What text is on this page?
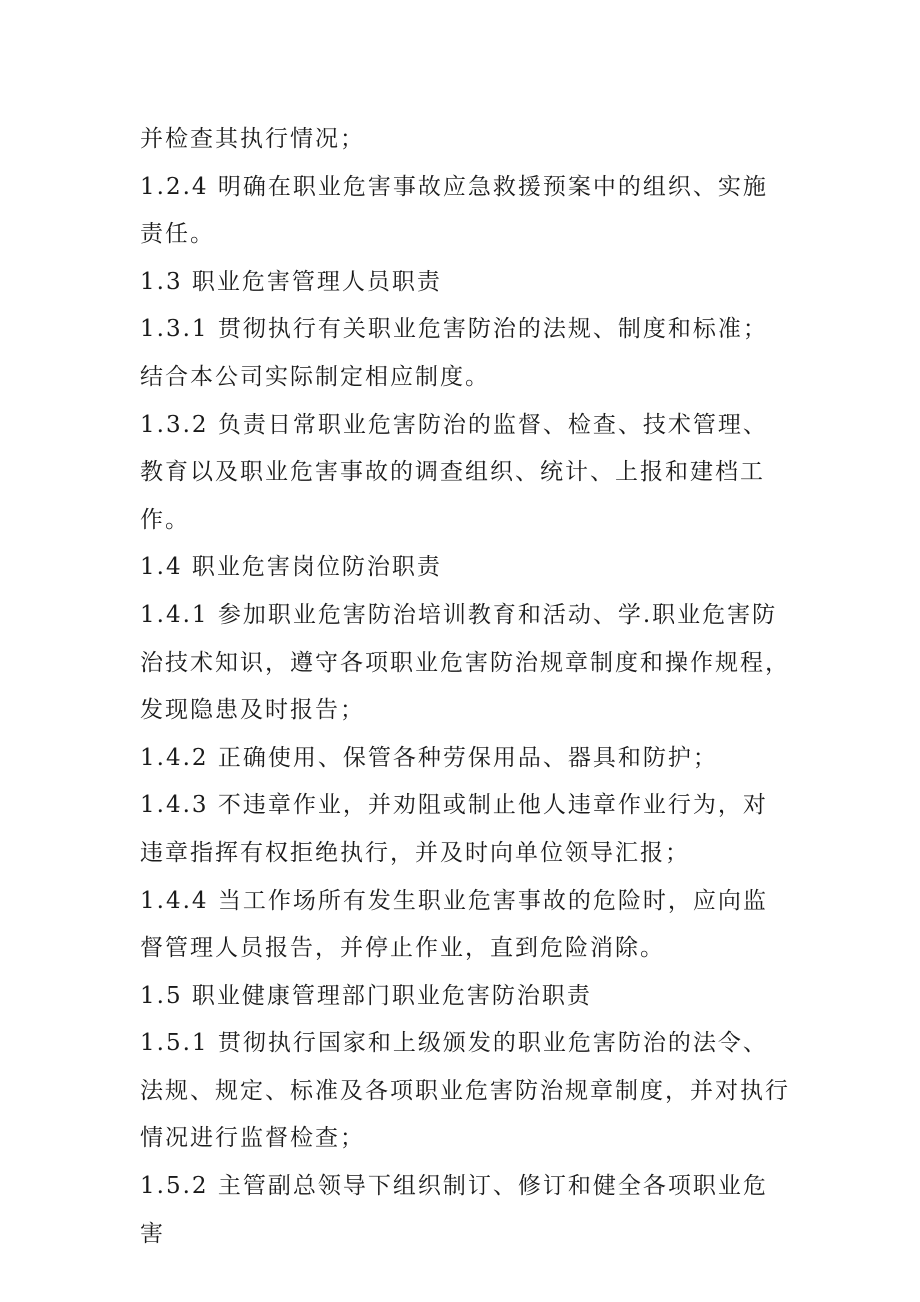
并检查其执行情况；

1.2.4 明确在职业危害事故应急救援预案中的组织、实施责任。

1.3 职业危害管理人员职责

1.3.1 贯彻执行有关职业危害防治的法规、制度和标准；结合本公司实际制定相应制度。

1.3.2 负责日常职业危害防治的监督、检查、技术管理、教育以及职业危害事故的调查组织、统计、上报和建档工作。

1.4 职业危害岗位防治职责

1.4.1 参加职业危害防治培训教育和活动、学.职业危害防治技术知识，遵守各项职业危害防治规章制度和操作规程，发现隐患及时报告；

1.4.2 正确使用、保管各种劳保用品、器具和防护；

1.4.3 不违章作业，并劝阻或制止他人违章作业行为，对违章指挥有权拒绝执行，并及时向单位领导汇报；

1.4.4 当工作场所有发生职业危害事故的危险时，应向监督管理人员报告，并停止作业，直到危险消除。

1.5 职业健康管理部门职业危害防治职责

1.5.1 贯彻执行国家和上级颁发的职业危害防治的法令、法规、规定、标准及各项职业危害防治规章制度，并对执行情况进行监督检查；

1.5.2 主管副总领导下组织制订、修订和健全各项职业危害
